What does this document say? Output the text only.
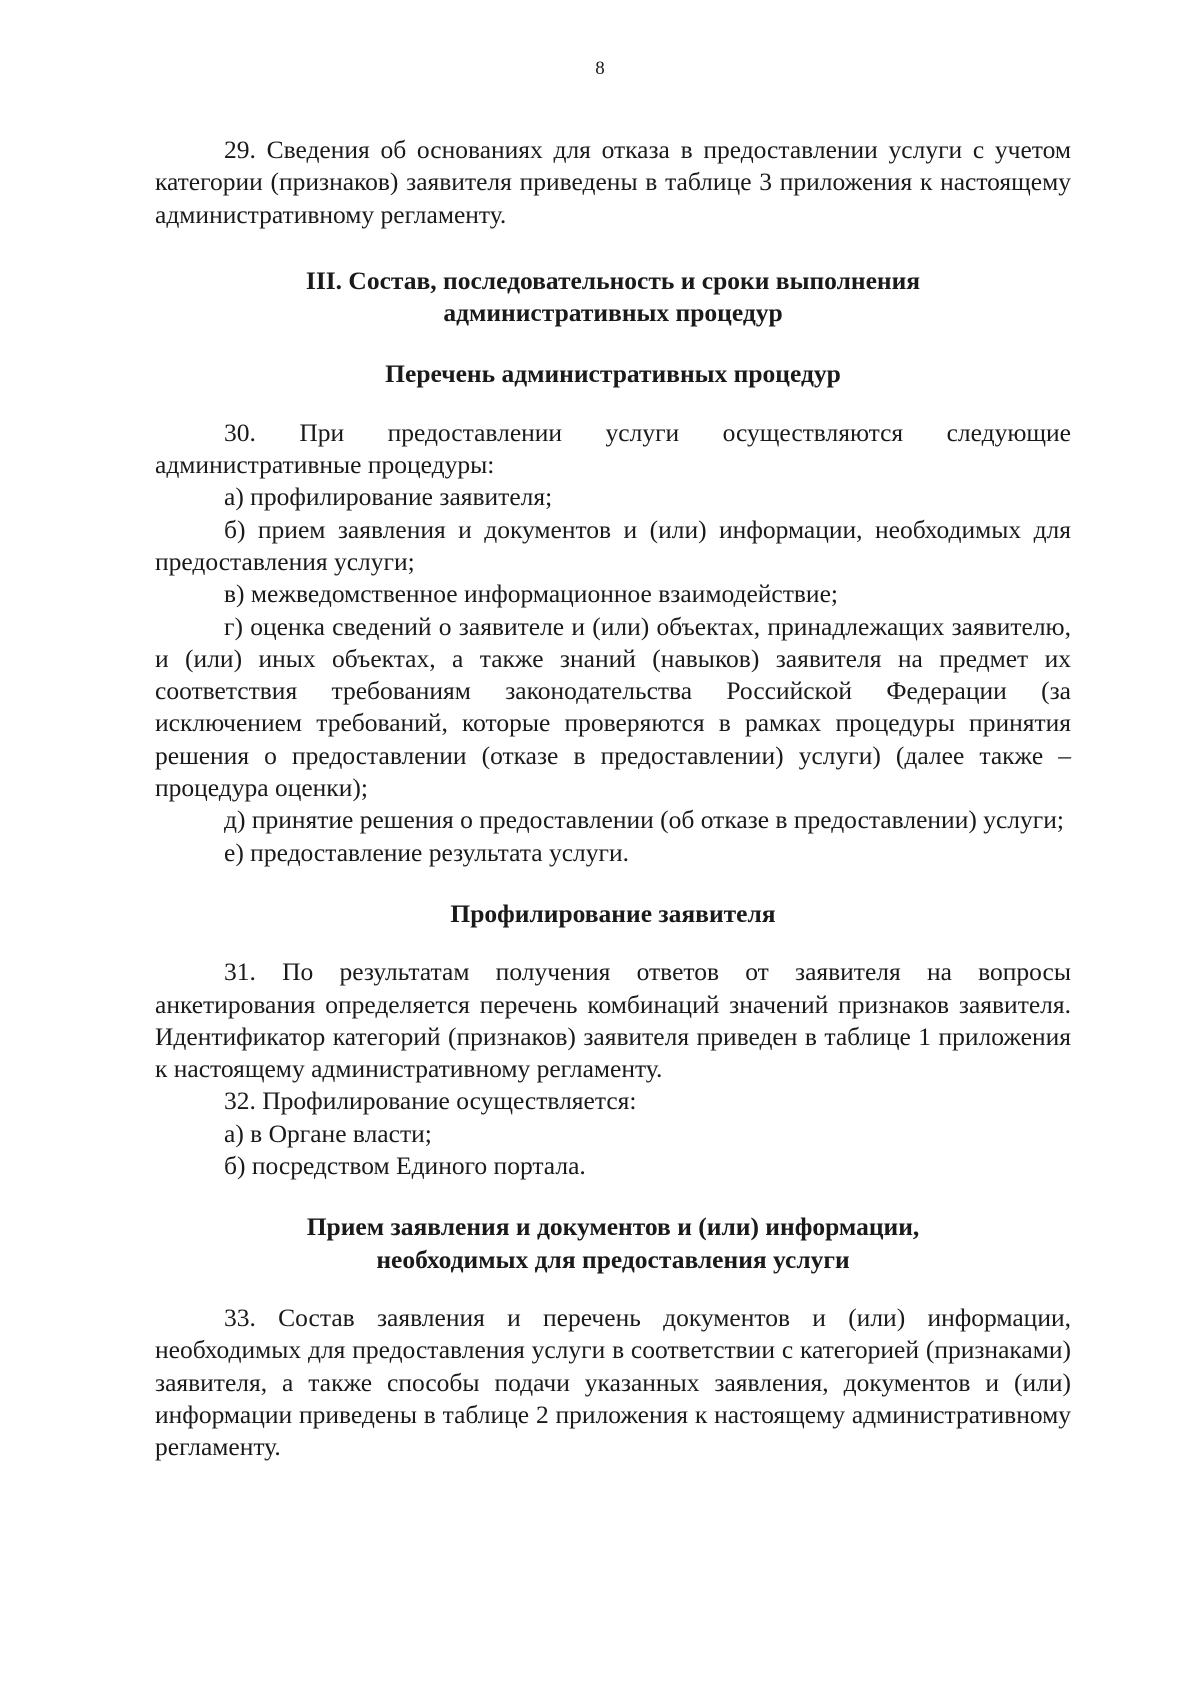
8

29. Сведения об основаниях для отказа в предоставлении услуги с учетом категории (признаков) заявителя приведены в таблице 3 приложения к настоящему административному регламенту.

III. Состав, последовательность и сроки выполнения
административных процедур
Перечень административных процедур

30. При предоставлении услуги осуществляются следующие административные процедуры:

а) профилирование заявителя;

б) прием заявления и документов и (или) информации, необходимых для предоставления услуги;

в) межведомственное информационное взаимодействие;

г) оценка сведений о заявителе и (или) объектах, принадлежащих заявителю, и (или) иных объектах, а также знаний (навыков) заявителя на предмет их соответствия требованиям законодательства Российской Федерации (за исключением требований, которые проверяются в рамках процедуры принятия решения о предоставлении (отказе в предоставлении) услуги) (далее также – процедура оценки);

д) принятие решения о предоставлении (об отказе в предоставлении) услуги;

е) предоставление результата услуги.

Профилирование заявителя

31. По результатам получения ответов от заявителя на вопросы анкетирования определяется перечень комбинаций значений признаков заявителя. Идентификатор категорий (признаков) заявителя приведен в таблице 1 приложения к настоящему административному регламенту.

32. Профилирование осуществляется:

а) в Органе власти;

б) посредством Единого портала.

Прием заявления и документов и (или) информации,
необходимых для предоставления услуги

33. Состав заявления и перечень документов и (или) информации, необходимых для предоставления услуги в соответствии с категорией (признаками) заявителя, а также способы подачи указанных заявления, документов и (или) информации приведены в таблице 2 приложения к настоящему административному регламенту.
